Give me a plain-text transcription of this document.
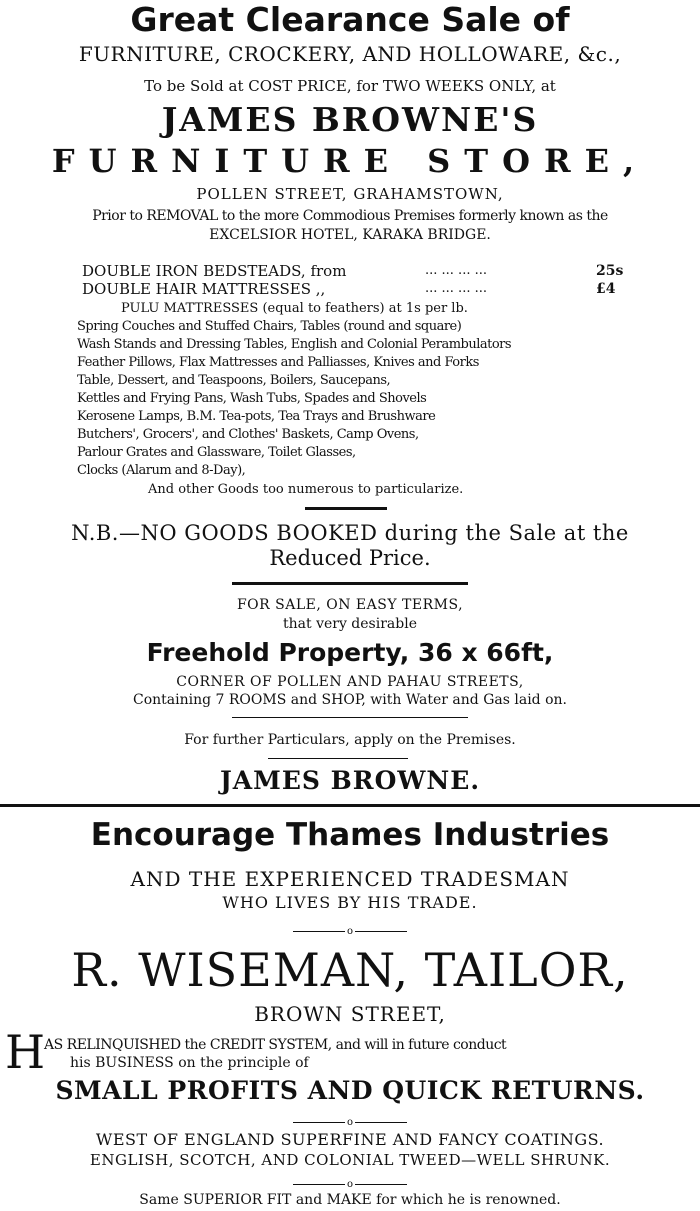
Great Clearance Sale of
FURNITURE, CROCKERY, AND HOLLOWARE, &c.,
To be Sold at COST PRICE, for TWO WEEKS ONLY, at
JAMES BROWNE'S
FURNITURE STORE,
POLLEN STREET, GRAHAMSTOWN,
Prior to REMOVAL to the more Commodious Premises formerly known as the
EXCELSIOR HOTEL, KARAKA BRIDGE.
DOUBLE IRON BEDSTEADS, from	... ... ... ...	25s
DOUBLE HAIR MATTRESSES ,,	... ... ... ...	£4
PULU MATTRESSES (equal to feathers) at 1s per lb.
Spring Couches and Stuffed Chairs, Tables (round and square)
Wash Stands and Dressing Tables, English and Colonial Perambulators
Feather Pillows, Flax Mattresses and Palliasses, Knives and Forks
Table, Dessert, and Teaspoons, Boilers, Saucepans,
Kettles and Frying Pans, Wash Tubs, Spades and Shovels
Kerosene Lamps, B.M. Tea-pots, Tea Trays and Brushware
Butchers', Grocers', and Clothes' Baskets, Camp Ovens,
Parlour Grates and Glassware, Toilet Glasses,
Clocks (Alarum and 8-Day),
And other Goods too numerous to particularize.
N.B.—NO GOODS BOOKED during the Sale at the
Reduced Price.
FOR SALE, ON EASY TERMS,
that very desirable
Freehold Property, 36 x 66ft,
CORNER OF POLLEN AND PAHAU STREETS,
Containing 7 ROOMS and SHOP, with Water and Gas laid on.
For further Particulars, apply on the Premises.
JAMES BROWNE.
Encourage Thames Industries
AND THE EXPERIENCED TRADESMAN
WHO LIVES BY HIS TRADE.
o
R. WISEMAN, TAILOR,
BROWN STREET,
H
AS RELINQUISHED the CREDIT SYSTEM, and will in future conduct
his BUSINESS on the principle of
SMALL PROFITS AND QUICK RETURNS.
o
WEST OF ENGLAND SUPERFINE AND FANCY COATINGS.
ENGLISH, SCOTCH, AND COLONIAL TWEED—WELL SHRUNK.
o
Same SUPERIOR FIT and MAKE for which he is renowned.
